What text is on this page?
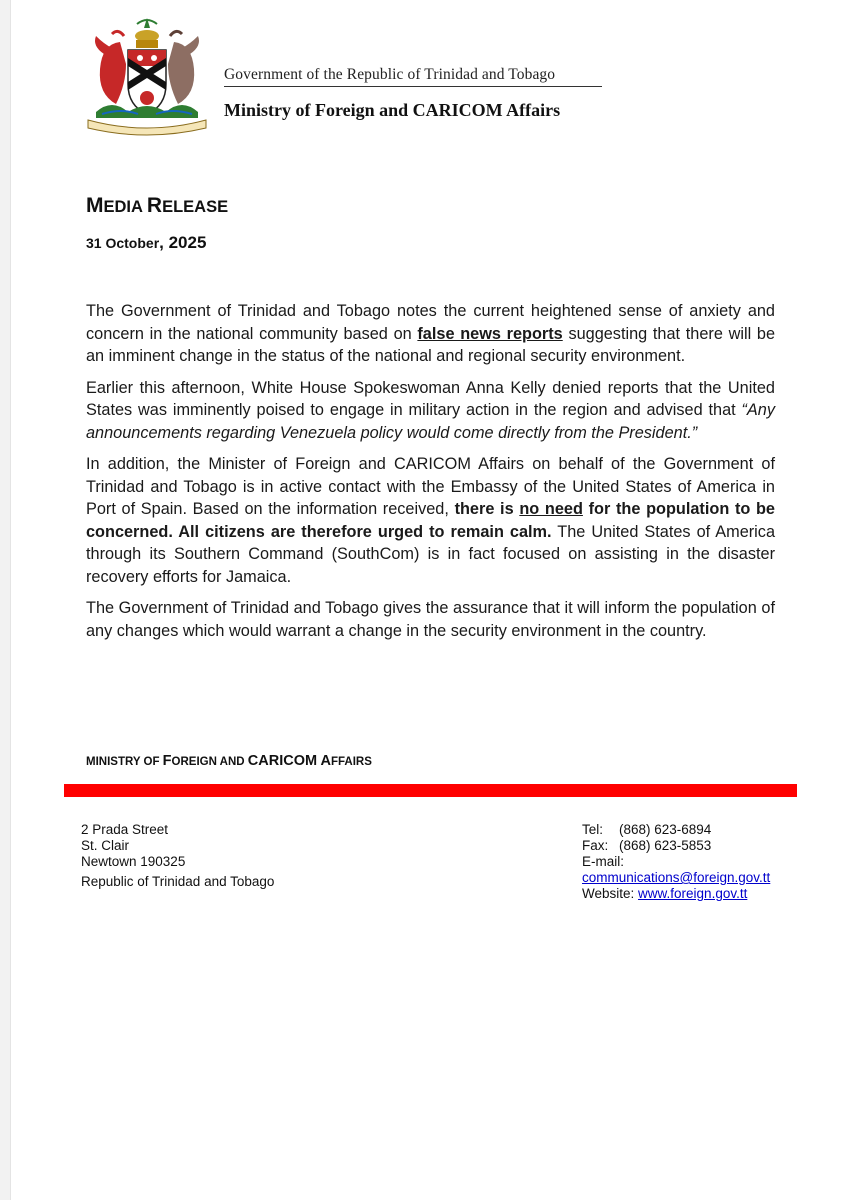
Government of the Republic of Trinidad and Tobago
Ministry of Foreign and CARICOM Affairs
MEDIA RELEASE
31 October, 2025

The Government of Trinidad and Tobago notes the current heightened sense of anxiety and concern in the national community based on false news reports suggesting that there will be an imminent change in the status of the national and regional security environment.

Earlier this afternoon, White House Spokeswoman Anna Kelly denied reports that the United States was imminently poised to engage in military action in the region and advised that “Any announcements regarding Venezuela policy would come directly from the President.”

In addition, the Minister of Foreign and CARICOM Affairs on behalf of the Government of Trinidad and Tobago is in active contact with the Embassy of the United States of America in Port of Spain. Based on the information received, there is no need for the population to be concerned. All citizens are therefore urged to remain calm. The United States of America through its Southern Command (SouthCom) is in fact focused on assisting in the disaster recovery efforts for Jamaica.

The Government of Trinidad and Tobago gives the assurance that it will inform the population of any changes which would warrant a change in the security environment in the country.

MINISTRY OF FOREIGN AND CARICOM AFFAIRS
2 Prada Street
St. Clair
Newtown 190325
Republic of Trinidad and Tobago
Tel: (868) 623-6894
Fax: (868) 623-5853
E-mail:
communications@foreign.gov.tt
Website: www.foreign.gov.tt
